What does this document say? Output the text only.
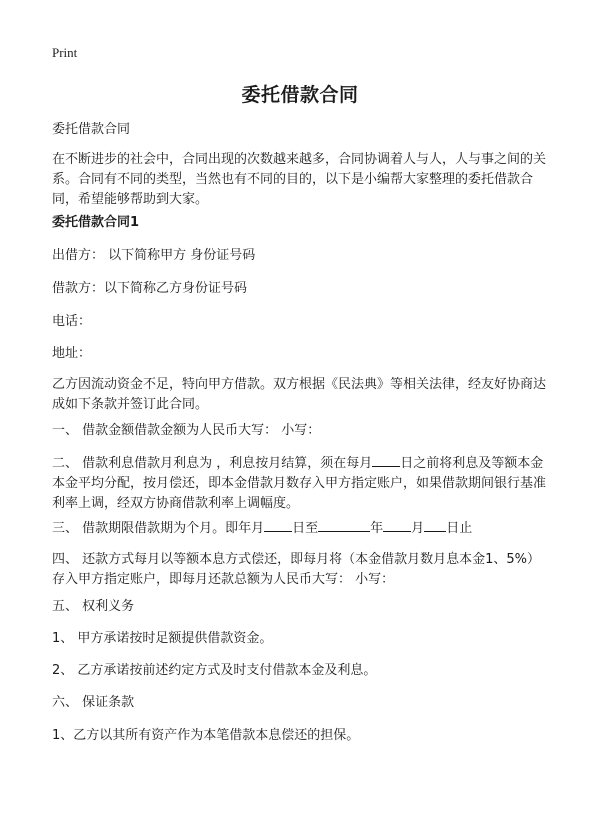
Print
委托借款合同

委托借款合同

在不断进步的社会中，合同出现的次数越来越多，合同协调着人与人，人与事之间的关系。合同有不同的类型，当然也有不同的目的，以下是小编帮大家整理的委托借款合同，希望能够帮助到大家。

委托借款合同1

出借方： 以下简称甲方 身份证号码

借款方：以下简称乙方身份证号码

电话：

地址：

乙方因流动资金不足，特向甲方借款。双方根据《民法典》等相关法律，经友好协商达成如下条款并签订此合同。

一、 借款金额借款金额为人民币大写： 小写：

二、 借款利息借款月利息为 ，利息按月结算，须在每月 日之前将利息及等额本金本金平均分配，按月偿还，即本金借款月数存入甲方指定账户，如果借款期间银行基准利率上调，经双方协商借款利率上调幅度。

三、 借款期限借款期为个月。即年月 日至	年 月 日止

四、 还款方式每月以等额本息方式偿还，即每月将（本金借款月数月息本金1、5%）存入甲方指定账户，即每月还款总额为人民币大写： 小写：

五、 权利义务

1、 甲方承诺按时足额提供借款资金。

2、 乙方承诺按前述约定方式及时支付借款本金及利息。

六、 保证条款

1、乙方以其所有资产作为本笔借款本息偿还的担保。
